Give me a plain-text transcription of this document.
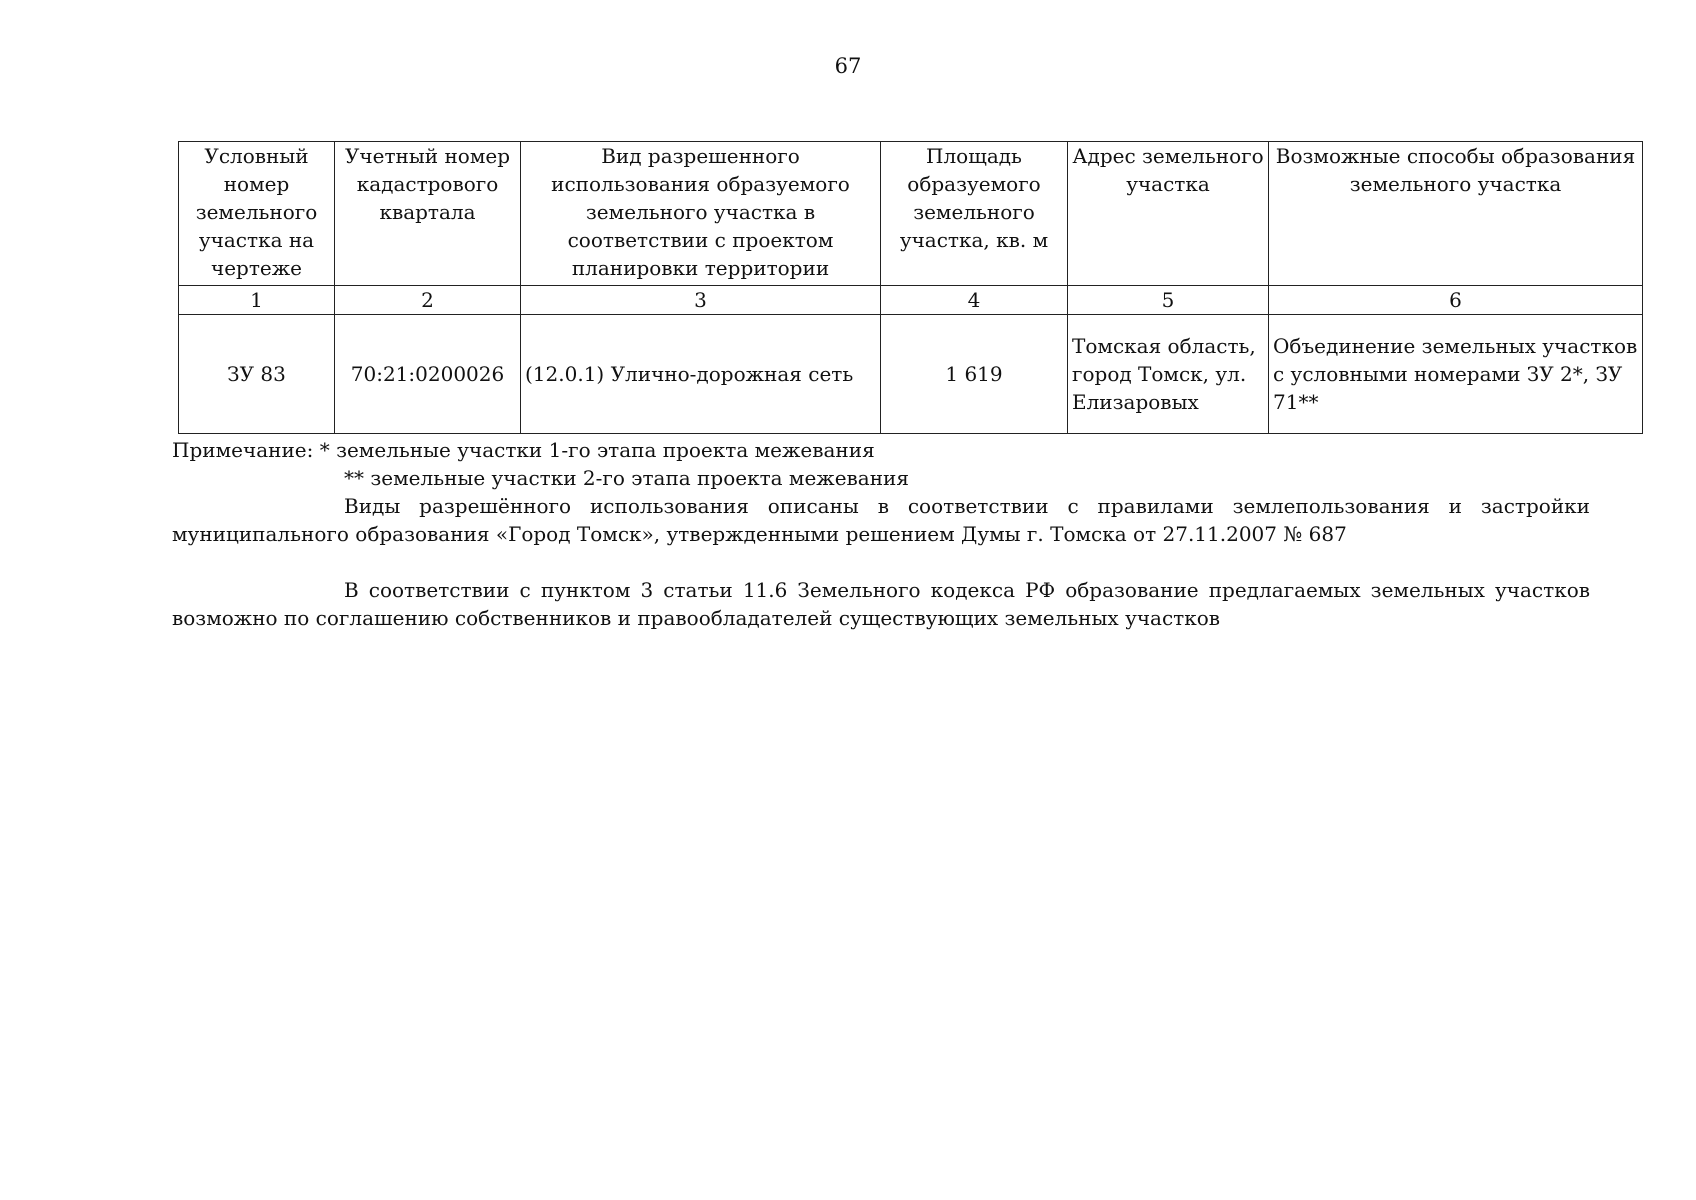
67
Условный номер земельного участка на чертеже	Учетный номер кадастрового квартала	Вид разрешенного использования образуемого земельного участка в соответствии с проектом планировки территории	Площадь образуемого земельного участка, кв. м	Адрес земельного участка	Возможные способы образования земельного участка
1	2	3	4	5	6
ЗУ 83	70:21:0200026	(12.0.1) Улично-дорожная сеть	1 619	Томская область, город Томск, ул. Елизаровых	Объединение земельных участков с условными номерами ЗУ 2*, ЗУ 71**

Примечание: * земельные участки 1-го этапа проекта межевания

** земельные участки 2-го этапа проекта межевания

Виды разрешённого использования описаны в соответствии с правилами землепользования и застройки муниципального образования «Город Томск», утвержденными решением Думы г. Томска от 27.11.2007 № 687

В соответствии с пунктом 3 статьи 11.6 Земельного кодекса РФ образование предлагаемых земельных участков возможно по соглашению собственников и правообладателей существующих земельных участков
